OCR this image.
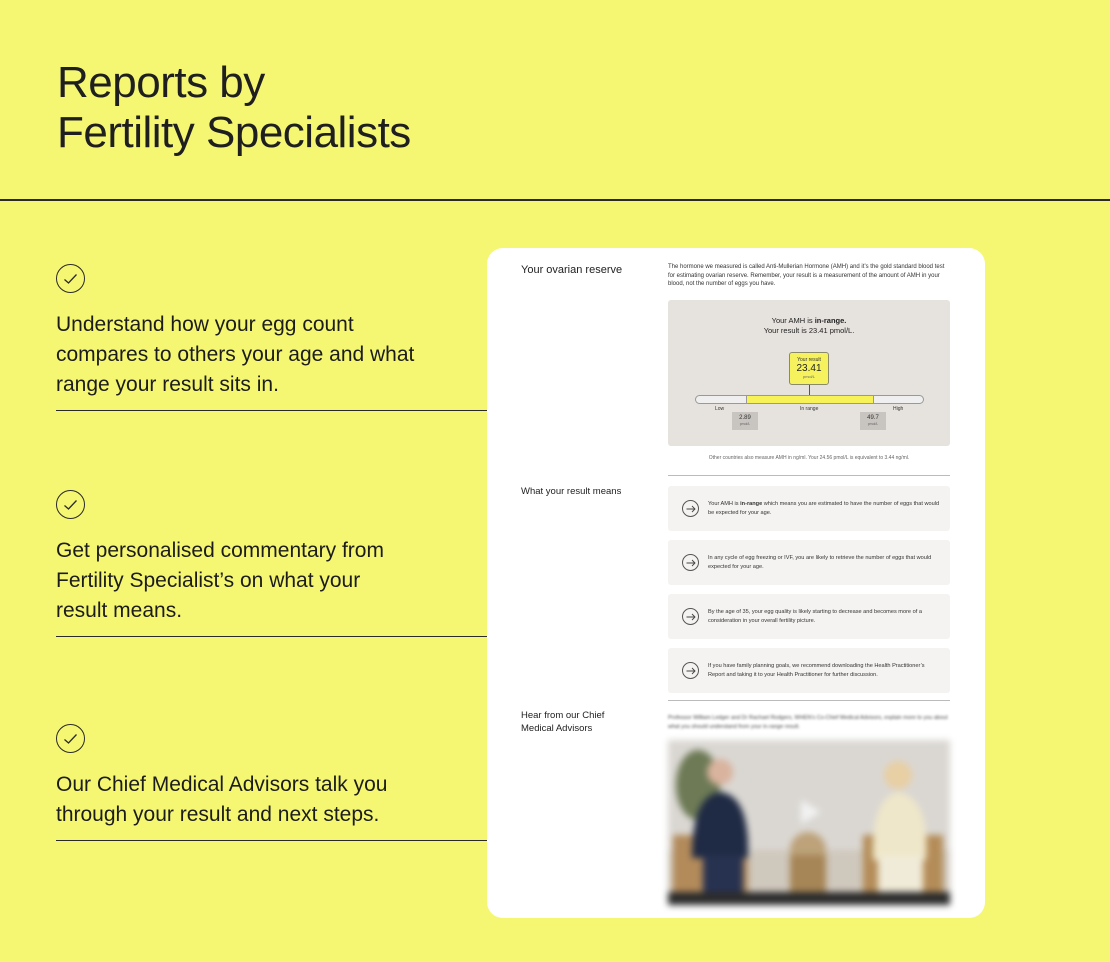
Reports by
Fertility Specialists
Understand how your egg count compares to others your age and what range your result sits in.
Get personalised commentary from Fertility Specialist’s on what your result means.
Our Chief Medical Advisors talk you through your result and next steps.
Your ovarian reserve	The hormone we measured is called Anti-Mullerian Hormone (AMH) and it’s the gold standard blood test for estimating ovarian reserve. Remember, your result is a measurement of the amount of AMH in your blood, not the number of eggs you have.
Your AMH is in-range.
Your result is 23.41 pmol/L.
Your result
23.41
pmol/L
Low	In range	High
2.89
pmol/L
49.7
pmol/L
Other countries also measure AMH in ng/ml. Your 24.56 pmol/L is equivalent to 3.44 ng/ml.
What your result means
Your AMH is in-range which means you are estimated to have the number of eggs that would be expected for your age.
In any cycle of egg freezing or IVF, you are likely to retrieve the number of eggs that would expected for your age.
By the age of 35, your egg quality is likely starting to decrease and becomes more of a consideration in your overall fertility picture.
If you have family planning goals, we recommend downloading the Health Practitioner’s Report and taking it to your Health Practitioner for further discussion.
Hear from our Chief
Medical Advisors
Professor William Ledger and Dr Rachael Rodgers, WHEN’s Co-Chief Medical Advisors, explain more to you about what you should understand from your in-range result.
